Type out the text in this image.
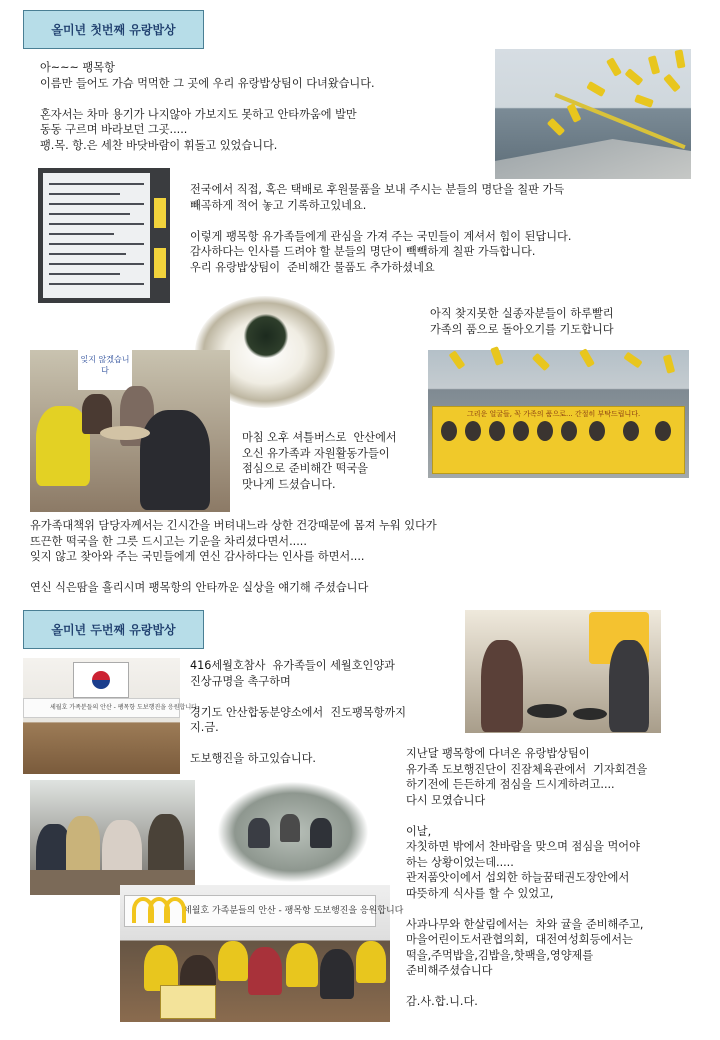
올미년 첫번째 유랑밥상
아~~~ 팽목항
이름만 들어도 가슴 먹먹한 그 곳에 우리 유랑밥상팀이 다녀왔습니다.

혼자서는 차마 용기가 나지않아 가보지도 못하고 안타까움에 발만
동동 구르며 바라보던 그곳.....
팽.목. 항.은 세찬 바닷바람이 휘돌고 있었습니다.
전국에서 직접, 혹은 택배로 후원물품을 보내 주시는 분들의 명단을 칠판 가득
빼곡하게 적어 놓고 기록하고있네요.

이렇게 팽목항 유가족들에게 관심을 가져 주는 국민들이 계셔서 힘이 된답니다.
감사하다는 인사를 드려야 할 분들의 명단이 빽빽하게 칠판 가득합니다.
우리 유랑밥상팀이  준비해간 물품도 추가하셨네요
아직 찾지못한 실종자분들이 하루빨리
가족의 품으로 돌아오기를 기도합니다
잊지 않겠습니다
그리운 얼굴들, 꼭 가족의 품으로... 간절히 부탁드립니다.
마침 오후 셔틀버스로  안산에서
오신 유가족과 자원활동가들이
점심으로 준비해간 떡국을
맛나게 드셨습니다.
유가족대책위 담당자께서는 긴시간을 버텨내느라 상한 건강때문에 몸져 누워 있다가
뜨끈한 떡국을 한 그릇 드시고는 기운을 차리셨다면서.....
잊지 않고 찾아와 주는 국민들에게 연신 감사하다는 인사를 하면서....

연신 식은땀을 흘리시며 팽목항의 안타까운 실상을 얘기해 주셨습니다
올미년 두번째 유랑밥상
세월호 가족분들의 안산 - 팽목항 도보행진을 응원합니다
416세월호참사  유가족들이 세월호인양과
진상규명을 촉구하며

경기도 안산합동분양소에서  진도팽목항까지
지.금.

도보행진을 하고있습니다.	지난달 팽목항에 다녀온 유랑밥상팀이
유가족 도보행진단이 진잠체육관에서  기자회견을
하기전에 든든하게 점심을 드시게하려고....
다시 모였습니다

이날,
자칫하면 밖에서 찬바람을 맞으며 점심을 먹어야
하는 상황이었는데.....
관저품앗이에서 섭외한 하늘꿈태권도장안에서
따뜻하게 식사를 할 수 있었고,

사과나무와 한살림에서는  차와 귤을 준비해주고,
마을어린이도서관협의회,  대전여성회등에서는
떡을,주먹밥을,김밥을,핫팩을,영양제를
준비해주셨습니다

감.사.합.니.다.
세월호 가족분들의 안산 - 팽목항 도보행진을 응원합니다
